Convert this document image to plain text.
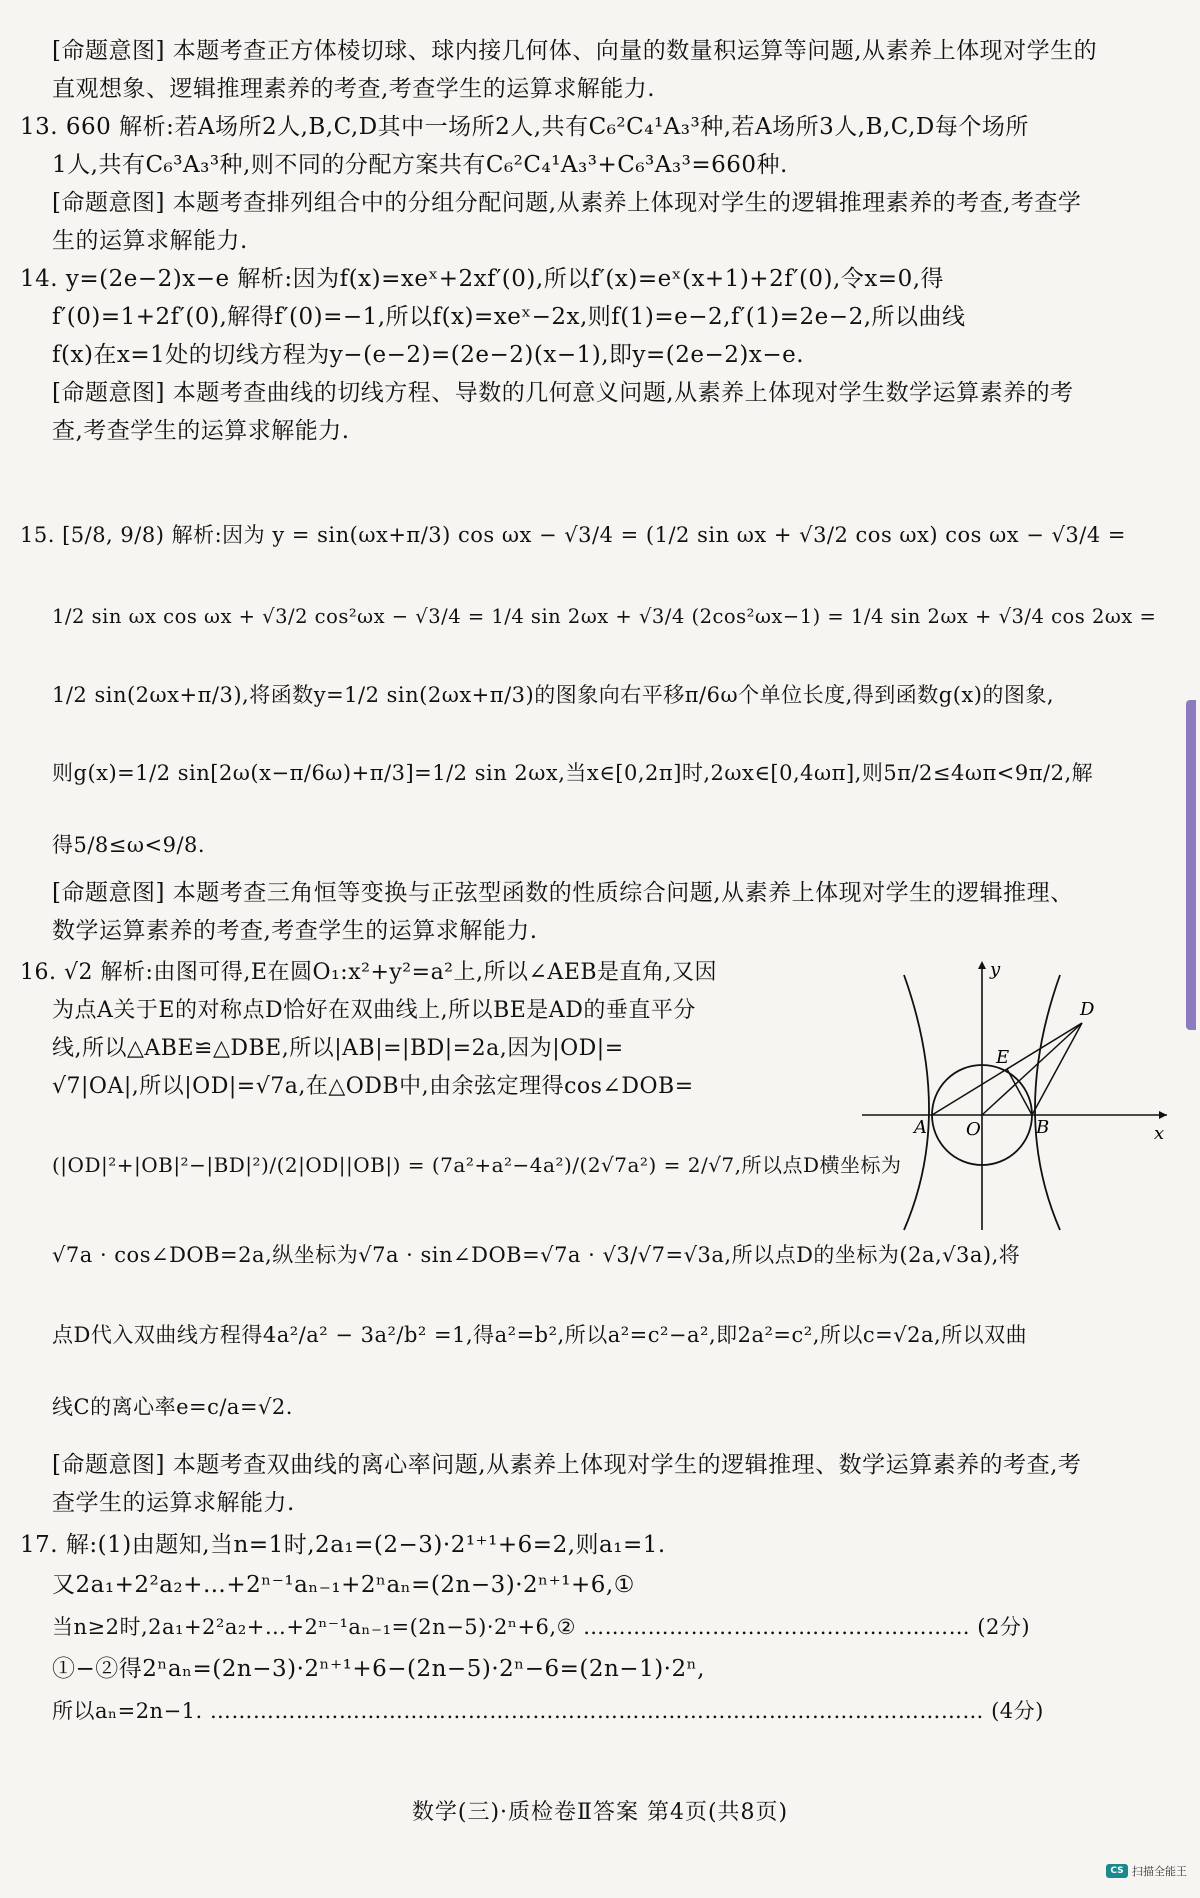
[命题意图] 本题考查正方体棱切球、球内接几何体、向量的数量积运算等问题,从素养上体现对学生的
直观想象、逻辑推理素养的考查,考查学生的运算求解能力.
13. 660 解析:若A场所2人,B,C,D其中一场所2人,共有C₆²C₄¹A₃³种,若A场所3人,B,C,D每个场所
1人,共有C₆³A₃³种,则不同的分配方案共有C₆²C₄¹A₃³+C₆³A₃³=660种.
[命题意图] 本题考查排列组合中的分组分配问题,从素养上体现对学生的逻辑推理素养的考查,考查学
生的运算求解能力.
14. y=(2e−2)x−e 解析:因为f(x)=xeˣ+2xf′(0),所以f′(x)=eˣ(x+1)+2f′(0),令x=0,得
f′(0)=1+2f′(0),解得f′(0)=−1,所以f(x)=xeˣ−2x,则f(1)=e−2,f′(1)=2e−2,所以曲线
f(x)在x=1处的切线方程为y−(e−2)=(2e−2)(x−1),即y=(2e−2)x−e.
[命题意图] 本题考查曲线的切线方程、导数的几何意义问题,从素养上体现对学生数学运算素养的考
查,考查学生的运算求解能力.
15. [5/8, 9/8) 解析:因为 y = sin(ωx+π/3) cos ωx − √3/4 = (1/2 sin ωx + √3/2 cos ωx) cos ωx − √3/4 =
1/2 sin ωx cos ωx + √3/2 cos²ωx − √3/4 = 1/4 sin 2ωx + √3/4 (2cos²ωx−1) = 1/4 sin 2ωx + √3/4 cos 2ωx =
1/2 sin(2ωx+π/3),将函数y=1/2 sin(2ωx+π/3)的图象向右平移π/6ω个单位长度,得到函数g(x)的图象,
则g(x)=1/2 sin[2ω(x−π/6ω)+π/3]=1/2 sin 2ωx,当x∈[0,2π]时,2ωx∈[0,4ωπ],则5π/2≤4ωπ<9π/2,解
得5/8≤ω<9/8.
[命题意图] 本题考查三角恒等变换与正弦型函数的性质综合问题,从素养上体现对学生的逻辑推理、
数学运算素养的考查,考查学生的运算求解能力.
16. √2 解析:由图可得,E在圆O₁:x²+y²=a²上,所以∠AEB是直角,又因
为点A关于E的对称点D恰好在双曲线上,所以BE是AD的垂直平分
线,所以△ABE≌△DBE,所以|AB|=|BD|=2a,因为|OD|=
√7|OA|,所以|OD|=√7a,在△ODB中,由余弦定理得cos∠DOB=
(|OD|²+|OB|²−|BD|²)/(2|OD||OB|) = (7a²+a²−4a²)/(2√7a²) = 2/√7,所以点D横坐标为
√7a · cos∠DOB=2a,纵坐标为√7a · sin∠DOB=√7a · √3/√7=√3a,所以点D的坐标为(2a,√3a),将
点D代入双曲线方程得4a²/a² − 3a²/b² =1,得a²=b²,所以a²=c²−a²,即2a²=c²,所以c=√2a,所以双曲
线C的离心率e=c/a=√2.
[命题意图] 本题考查双曲线的离心率问题,从素养上体现对学生的逻辑推理、数学运算素养的考查,考
查学生的运算求解能力.
17. 解:(1)由题知,当n=1时,2a₁=(2−3)·2¹⁺¹+6=2,则a₁=1.
又2a₁+2²a₂+…+2ⁿ⁻¹aₙ₋₁+2ⁿaₙ=(2n−3)·2ⁿ⁺¹+6,①
当n≥2时,2a₁+2²a₂+…+2ⁿ⁻¹aₙ₋₁=(2n−5)·2ⁿ+6,② ……………………………………………… (2分)
①−②得2ⁿaₙ=(2n−3)·2ⁿ⁺¹+6−(2n−5)·2ⁿ−6=(2n−1)·2ⁿ,
所以aₙ=2n−1. ……………………………………………………………………………………………… (4分)
y
x
D
E
A O	B
数学(三)·质检卷Ⅱ答案 第4页(共8页)
CS 扫描全能王
